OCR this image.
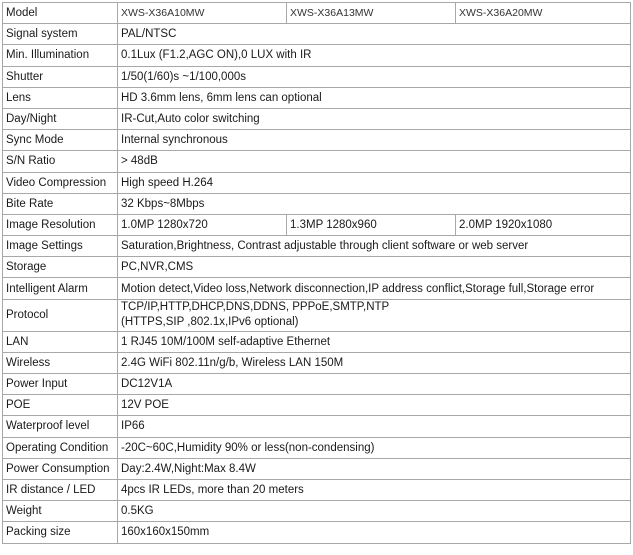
Model	XWS-X36A10MW	XWS-X36A13MW	XWS-X36A20MW
Signal system	PAL/NTSC		
Min. Illumination	0.1Lux (F1.2,AGC ON),0 LUX with IR		
Shutter	1/50(1/60)s ~1/100,000s		
Lens	HD 3.6mm lens, 6mm lens can optional		
Day/Night	IR-Cut,Auto color switching		
Sync Mode	Internal synchronous		
S/N Ratio	> 48dB		
Video Compression	High speed H.264		
Bite Rate	32 Kbps~8Mbps		
Image Resolution	1.0MP 1280x720	1.3MP 1280x960	2.0MP 1920x1080
Image Settings	Saturation,Brightness, Contrast adjustable through client software or web server		
Storage	PC,NVR,CMS		
Intelligent Alarm	Motion detect,Video loss,Network disconnection,IP address conflict,Storage full,Storage error		
Protocol	TCP/IP,HTTP,DHCP,DNS,DDNS, PPPoE,SMTP,NTP
(HTTPS,SIP ,802.1x,IPv6 optional)		

LAN	1 RJ45 10M/100M self-adaptive Ethernet		
Wireless	2.4G WiFi 802.11n/g/b, Wireless LAN 150M		
Power Input	DC12V1A		
POE	12V POE		
Waterproof level	IP66		
Operating Condition	-20C~60C,Humidity 90% or less(non-condensing)		
Power Consumption	Day:2.4W,Night:Max 8.4W		
IR distance / LED	4pcs IR LEDs, more than 20 meters		
Weight	0.5KG		
Packing size	160x160x150mm		
